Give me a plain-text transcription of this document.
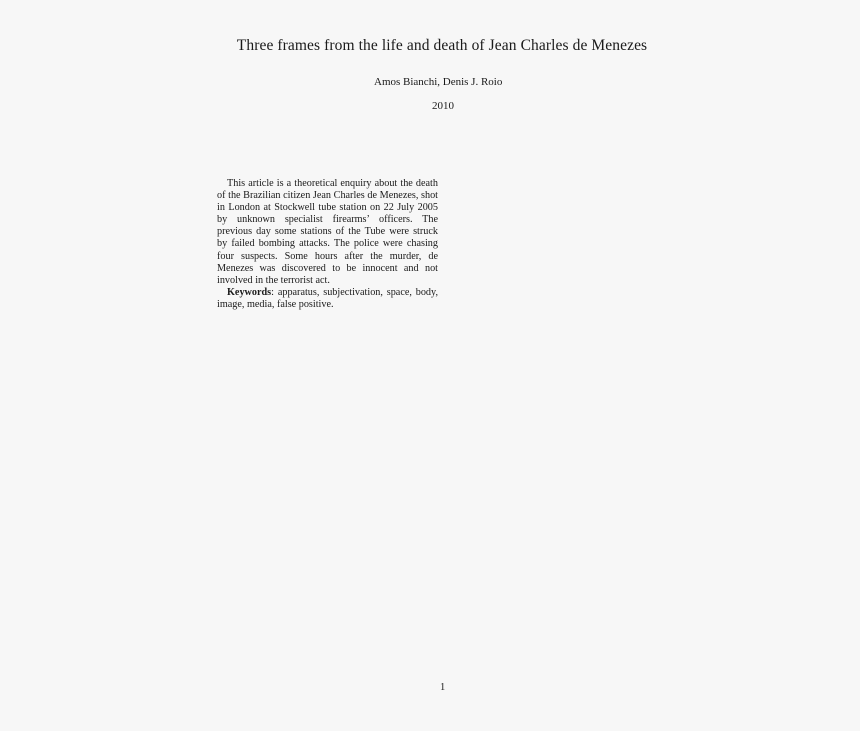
Three frames from the life and death of Jean Charles de Menezes
Amos Bianchi, Denis J. Roio
2010

This article is a theoretical enquiry about the death of the Brazilian citizen Jean Charles de Menezes, shot in London at Stockwell tube station on 22 July 2005 by unknown specialist firearms’ officers. The previous day some stations of the Tube were struck by failed bombing attacks. The police were chasing four suspects. Some hours after the murder, de Menezes was discovered to be innocent and not involved in the terrorist act.

Keywords: apparatus, subjectivation, space, body, image, media, false positive.

1
